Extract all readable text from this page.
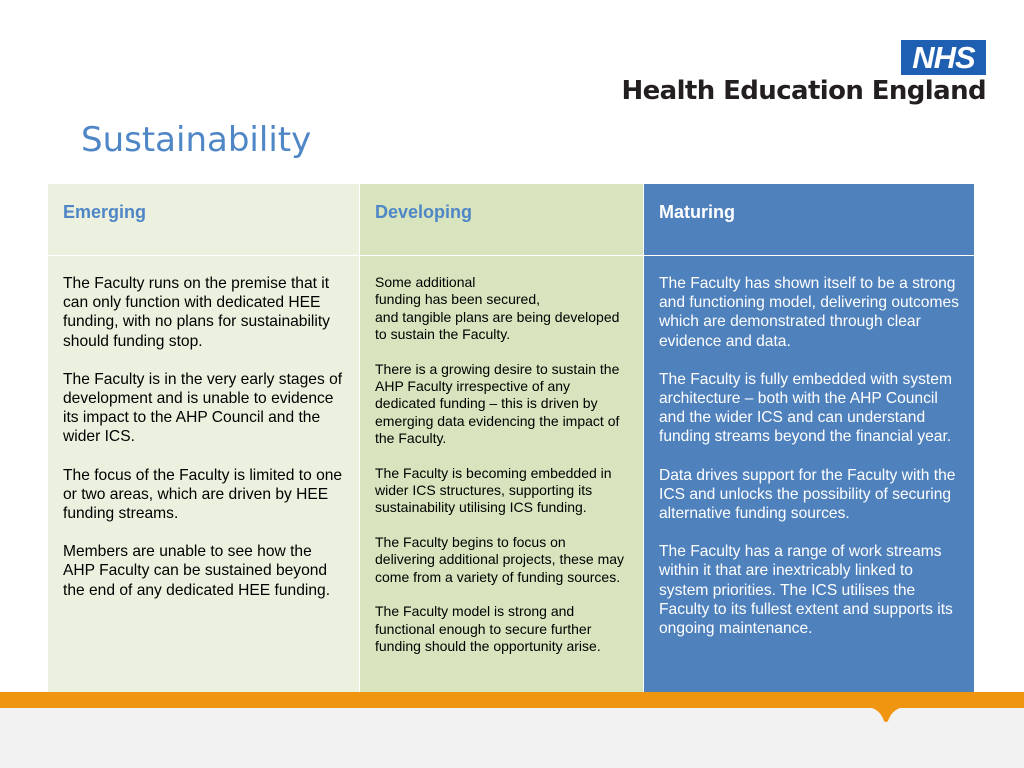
NHS
Health Education England
Sustainability
Emerging	Developing	Maturing

The Faculty runs on the premise that it can only function with dedicated HEE funding, with no plans for sustainability should funding stop.

The Faculty is in the very early stages of development and is unable to evidence its impact to the AHP Council and the wider ICS.

The focus of the Faculty is limited to one or two areas, which are driven by HEE funding streams.

Members are unable to see how the AHP Faculty can be sustained beyond the end of any dedicated HEE funding.

Some additional
funding has been secured,
and tangible plans are being developed to sustain the Faculty.

There is a growing desire to sustain the AHP Faculty irrespective of any dedicated funding – this is driven by emerging data evidencing the impact of the Faculty.

The Faculty is becoming embedded in wider ICS structures, supporting its sustainability utilising ICS funding.

The Faculty begins to focus on delivering additional projects, these may come from a variety of funding sources.

The Faculty model is strong and functional enough to secure further funding should the opportunity arise.

The Faculty has shown itself to be a strong and functioning model, delivering outcomes which are demonstrated through clear evidence and data.

The Faculty is fully embedded with system architecture – both with the AHP Council and the wider ICS and can understand funding streams beyond the financial year.

Data drives support for the Faculty with the ICS and unlocks the possibility of securing alternative funding sources.

The Faculty has a range of work streams within it that are inextricably linked to system priorities. The ICS utilises the Faculty to its fullest extent and supports its ongoing maintenance.
